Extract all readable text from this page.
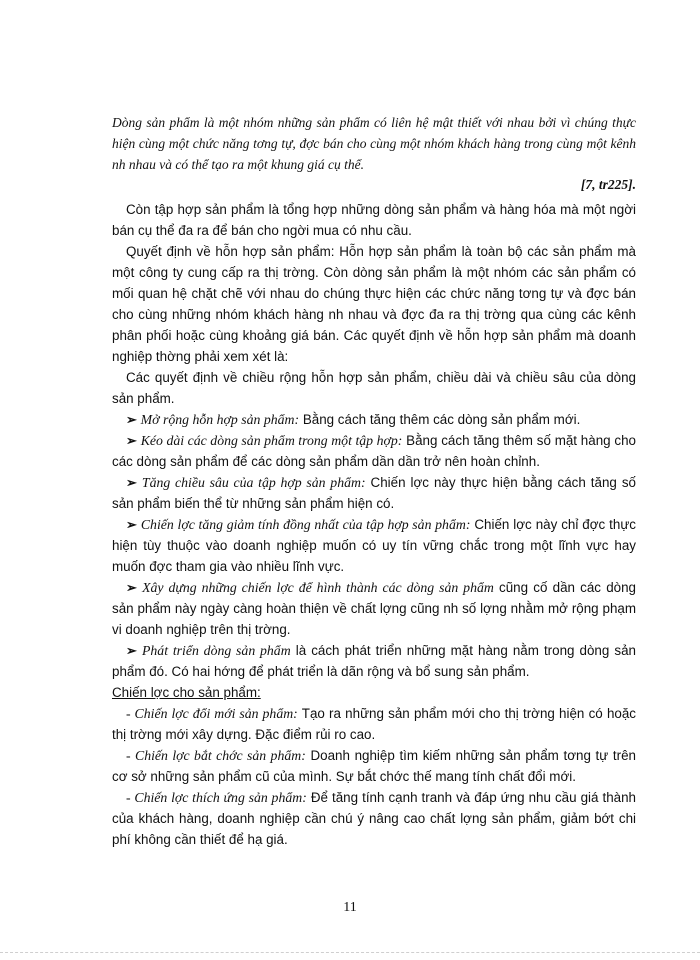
Dòng sản phẩm là một nhóm những sản phẩm có liên hệ mật thiết với nhau bởi vì chúng thực hiện cùng một chức năng tơng tự, đợc bán cho cùng một nhóm khách hàng trong cùng một kênh nh nhau và có thể tạo ra một khung giá cụ thể.

[7, tr225].

Còn tập hợp sản phẩm là tổng hợp những dòng sản phẩm và hàng hóa mà một ngời bán cụ thể đa ra để bán cho ngời mua có nhu cầu.

Quyết định về hỗn hợp sản phẩm: Hỗn hợp sản phẩm là toàn bộ các sản phẩm mà một công ty cung cấp ra thị trờng. Còn dòng sản phẩm là một nhóm các sản phẩm có mối quan hệ chặt chẽ với nhau do chúng thực hiện các chức năng tơng tự và đợc bán cho cùng những nhóm khách hàng nh nhau và đợc đa ra thị trờng qua cùng các kênh phân phối hoặc cùng khoảng giá bán. Các quyết định về hỗn hợp sản phẩm mà doanh nghiệp thờng phải xem xét là:

Các quyết định về chiều rộng hỗn hợp sản phẩm, chiều dài và chiều sâu của dòng sản phẩm.

➢ Mở rộng hỗn hợp sản phẩm: Bằng cách tăng thêm các dòng sản phẩm mới.

➢ Kéo dài các dòng sản phẩm trong một tập hợp: Bằng cách tăng thêm số mặt hàng cho các dòng sản phẩm để các dòng sản phẩm dần dần trở nên hoàn chỉnh.

➢ Tăng chiều sâu của tập hợp sản phẩm: Chiến lợc này thực hiện bằng cách tăng số sản phẩm biến thể từ những sản phẩm hiện có.

➢ Chiến lợc tăng giảm tính đồng nhất của tập hợp sản phẩm: Chiến lợc này chỉ đợc thực hiện tùy thuộc vào doanh nghiệp muốn có uy tín vững chắc trong một lĩnh vực hay muốn đợc tham gia vào nhiều lĩnh vực.

➢ Xây dựng những chiến lợc để hình thành các dòng sản phẩm cũng cố dần các dòng sản phẩm này ngày càng hoàn thiện về chất lợng cũng nh số lợng nhằm mở rộng phạm vi doanh nghiệp trên thị trờng.

➢ Phát triển dòng sản phẩm là cách phát triển những mặt hàng nằm trong dòng sản phẩm đó. Có hai hớng để phát triển là dãn rộng và bổ sung sản phẩm.

Chiến lợc cho sản phẩm:

- Chiến lợc đổi mới sản phẩm: Tạo ra những sản phẩm mới cho thị trờng hiện có hoặc thị trờng mới xây dựng. Đặc điểm rủi ro cao.

- Chiến lợc bắt chớc sản phẩm: Doanh nghiệp tìm kiếm những sản phẩm tơng tự trên cơ sở những sản phẩm cũ của mình. Sự bắt chớc thế mang tính chất đổi mới.

- Chiến lợc thích ứng sản phẩm: Để tăng tính cạnh tranh và đáp ứng nhu cầu giá thành của khách hàng, doanh nghiệp cần chú ý nâng cao chất lợng sản phẩm, giảm bớt chi phí không cần thiết để hạ giá.

11
